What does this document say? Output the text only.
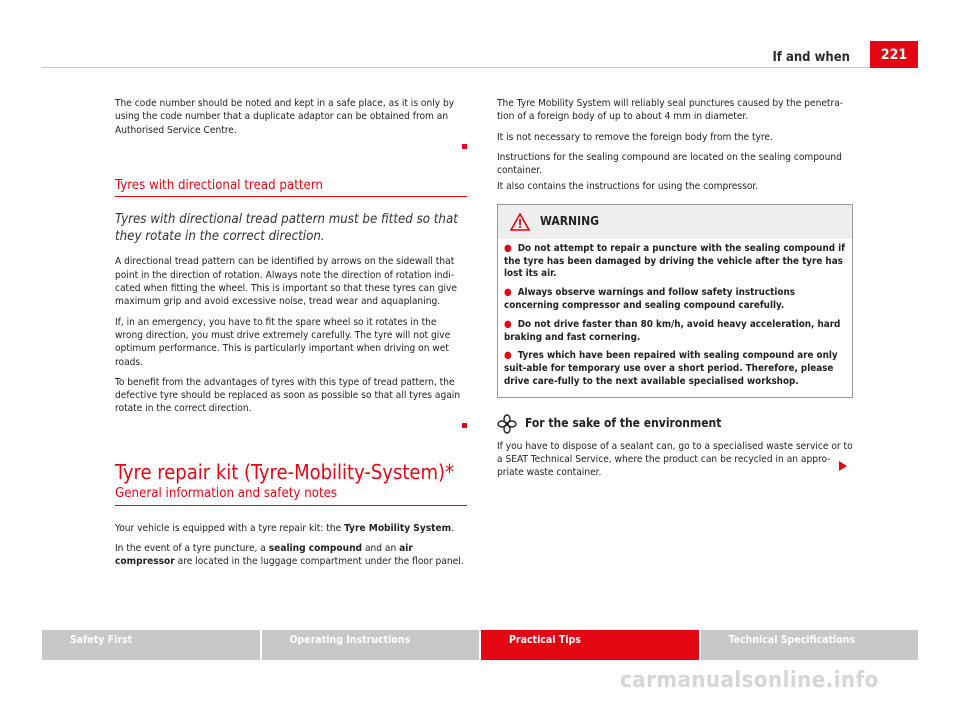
If and when	221

The code number should be noted and kept in a safe place, as it is only by using the code number that a duplicate adaptor can be obtained from an Authorised Service Centre.

Tyres with directional tread pattern
Tyres with directional tread pattern must be fitted so that they rotate in the correct direction.

A directional tread pattern can be identified by arrows on the sidewall that point in the direction of rotation. Always note the direction of rotation indi-cated when fitting the wheel. This is important so that these tyres can give maximum grip and avoid excessive noise, tread wear and aquaplaning.

If, in an emergency, you have to fit the spare wheel so it rotates in the wrong direction, you must drive extremely carefully. The tyre will not give optimum performance. This is particularly important when driving on wet roads.

To benefit from the advantages of tyres with this type of tread pattern, the defective tyre should be replaced as soon as possible so that all tyres again rotate in the correct direction.

Tyre repair kit (Tyre-Mobility-System)*
General information and safety notes

Your vehicle is equipped with a tyre repair kit: the Tyre Mobility System.

In the event of a tyre puncture, a sealing compound and an air compressor are located in the luggage compartment under the floor panel.

The Tyre Mobility System will reliably seal punctures caused by the penetra-tion of a foreign body of up to about 4 mm in diameter.

It is not necessary to remove the foreign body from the tyre.

Instructions for the sealing compound are located on the sealing compound container.

It also contains the instructions for using the compressor.

WARNING
● Do not attempt to repair a puncture with the sealing compound if the tyre has been damaged by driving the vehicle after the tyre has lost its air.
● Always observe warnings and follow safety instructions concerning compressor and sealing compound carefully.
● Do not drive faster than 80 km/h, avoid heavy acceleration, hard braking and fast cornering.
● Tyres which have been repaired with sealing compound are only suit-able for temporary use over a short period. Therefore, please drive care-fully to the next available specialised workshop.
For the sake of the environment

If you have to dispose of a sealant can, go to a specialised waste service or to a SEAT Technical Service, where the product can be recycled in an appro-priate waste container.

Safety First	Operating Instructions	Practical Tips	Technical Specifications
carmanualsonline.info
